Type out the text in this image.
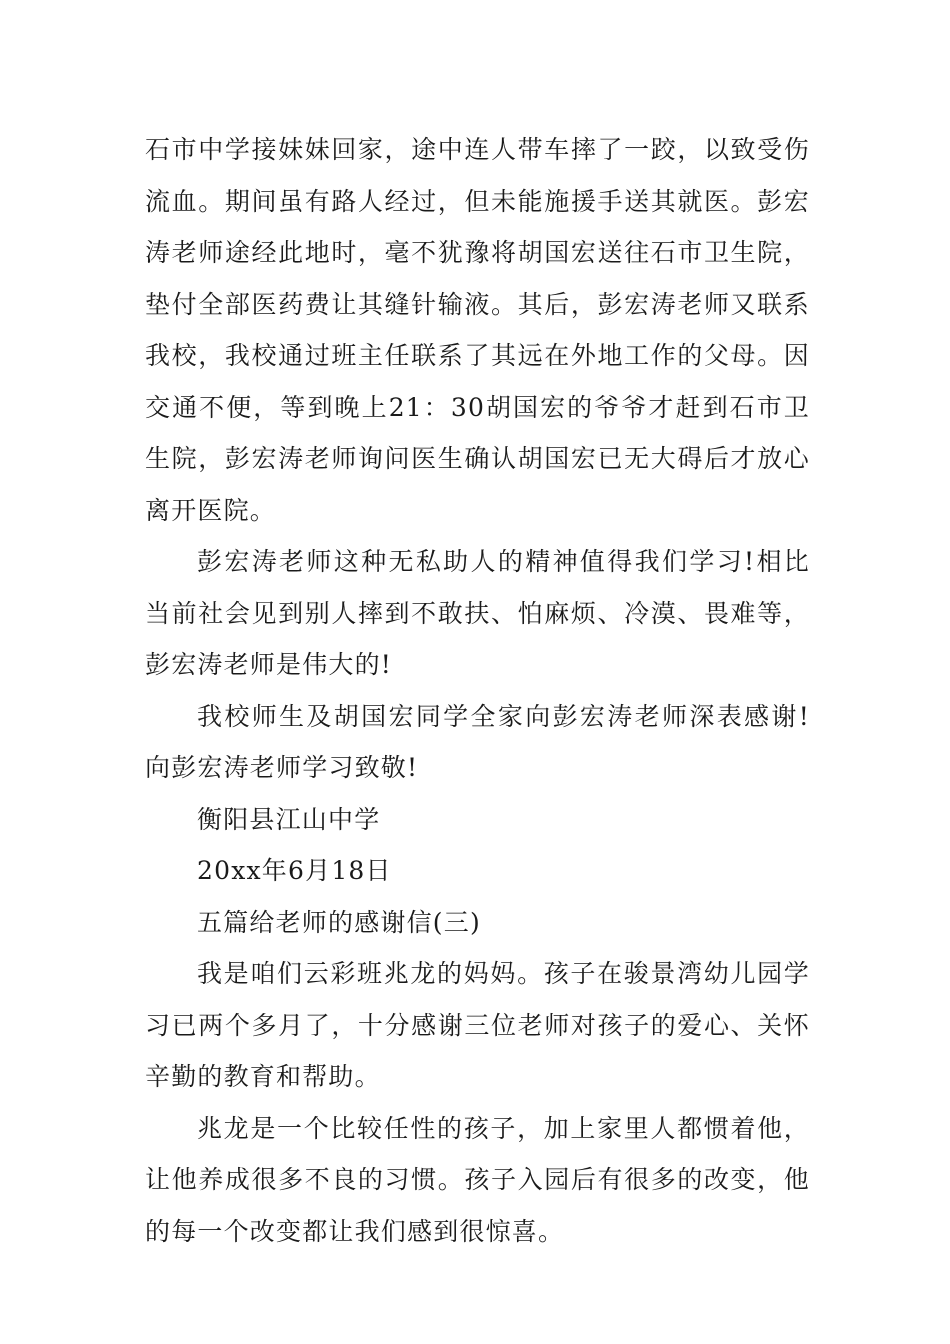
石市中学接妹妹回家，途中连人带车摔了一跤，以致受伤流血。期间虽有路人经过，但未能施援手送其就医。彭宏涛老师途经此地时，毫不犹豫将胡国宏送往石市卫生院，垫付全部医药费让其缝针输液。其后，彭宏涛老师又联系我校，我校通过班主任联系了其远在外地工作的父母。因交通不便，等到晚上21：30胡国宏的爷爷才赶到石市卫生院，彭宏涛老师询问医生确认胡国宏已无大碍后才放心离开医院。

彭宏涛老师这种无私助人的精神值得我们学习!相比当前社会见到别人摔到不敢扶、怕麻烦、冷漠、畏难等，彭宏涛老师是伟大的!

我校师生及胡国宏同学全家向彭宏涛老师深表感谢!向彭宏涛老师学习致敬!

衡阳县江山中学

20xx年6月18日

五篇给老师的感谢信(三)

我是咱们云彩班兆龙的妈妈。孩子在骏景湾幼儿园学习已两个多月了，十分感谢三位老师对孩子的爱心、关怀辛勤的教育和帮助。

兆龙是一个比较任性的孩子，加上家里人都惯着他，让他养成很多不良的习惯。孩子入园后有很多的改变，他的每一个改变都让我们感到很惊喜。
